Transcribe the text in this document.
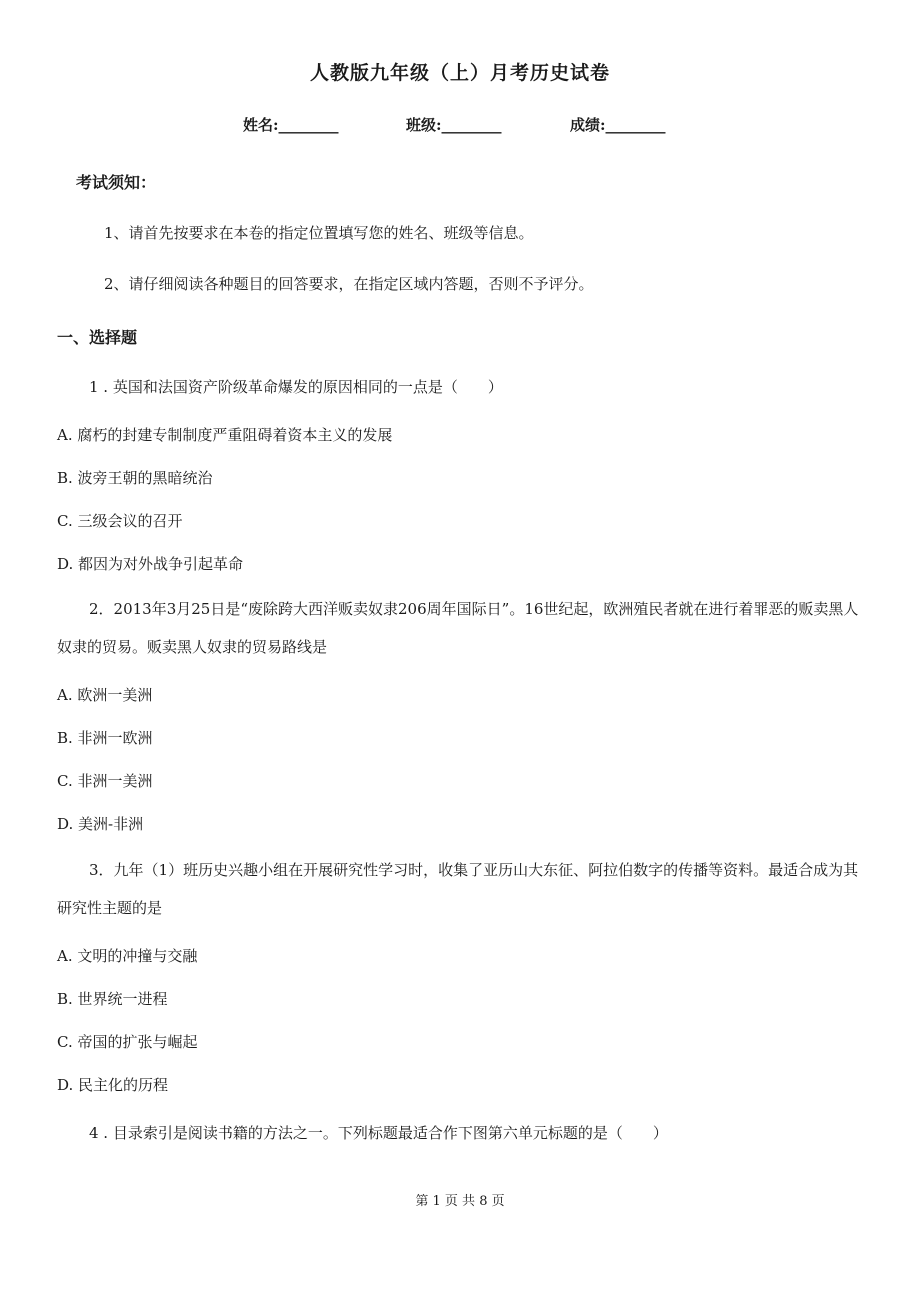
人教版九年级（上）月考历史试卷
姓名:________	班级:________	成绩:________
考试须知：
1、请首先按要求在本卷的指定位置填写您的姓名、班级等信息。
2、请仔细阅读各种题目的回答要求，在指定区域内答题，否则不予评分。
一、选择题
1 . 英国和法国资产阶级革命爆发的原因相同的一点是（　　）
A. 腐朽的封建专制制度严重阻碍着资本主义的发展
B. 波旁王朝的黑暗统治
C. 三级会议的召开
D. 都因为对外战争引起革命
2．2013年3月25日是“废除跨大西洋贩卖奴隶206周年国际日”。16世纪起，欧洲殖民者就在进行着罪恶的贩卖黑人奴隶的贸易。贩卖黑人奴隶的贸易路线是
A. 欧洲一美洲
B. 非洲一欧洲
C. 非洲一美洲
D. 美洲-非洲
3．九年（1）班历史兴趣小组在开展研究性学习时，收集了亚历山大东征、阿拉伯数字的传播等资料。最适合成为其研究性主题的是
A. 文明的冲撞与交融
B. 世界统一进程
C. 帝国的扩张与崛起
D. 民主化的历程
4 . 目录索引是阅读书籍的方法之一。下列标题最适合作下图第六单元标题的是（　　）
第 1 页 共 8 页
